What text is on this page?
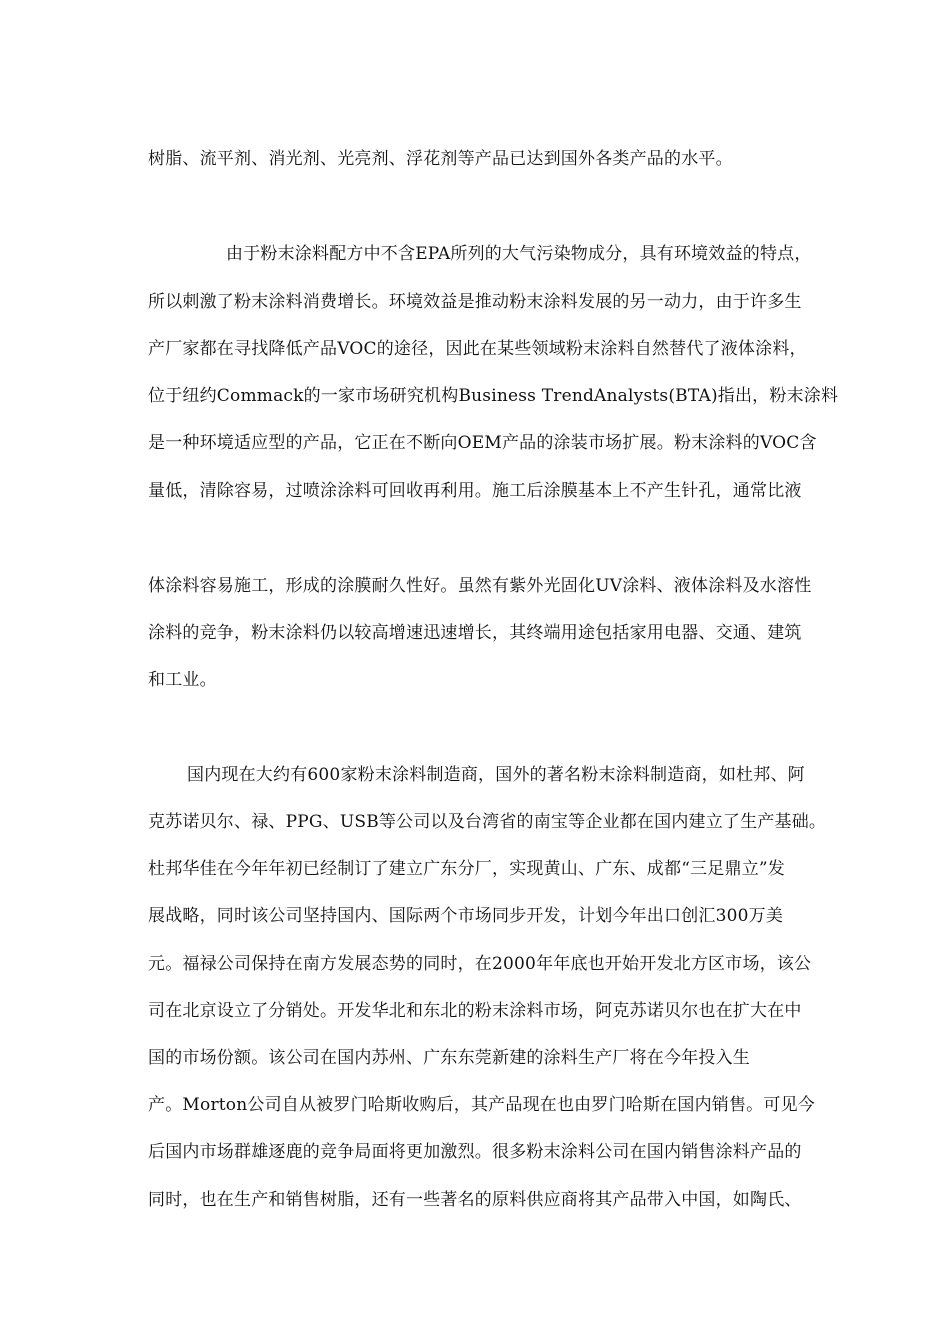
树脂、流平剂、消光剂、光亮剂、浮花剂等产品已达到国外各类产品的水平。
由于粉末涂料配方中不含EPA所列的大气污染物成分，具有环境效益的特点，
所以刺激了粉末涂料消费增长。环境效益是推动粉末涂料发展的另一动力，由于许多生
产厂家都在寻找降低产品VOC的途径，因此在某些领域粉末涂料自然替代了液体涂料，
位于纽约Commack的一家市场研究机构Business TrendAnalysts(BTA)指出，粉末涂料
是一种环境适应型的产品，它正在不断向OEM产品的涂装市场扩展。粉末涂料的VOC含
量低，清除容易，过喷涂涂料可回收再利用。施工后涂膜基本上不产生针孔，通常比液
体涂料容易施工，形成的涂膜耐久性好。虽然有紫外光固化UV涂料、液体涂料及水溶性
涂料的竞争，粉末涂料仍以较高增速迅速增长，其终端用途包括家用电器、交通、建筑
和工业。
国内现在大约有600家粉末涂料制造商，国外的著名粉末涂料制造商，如杜邦、阿
克苏诺贝尔、禄、PPG、USB等公司以及台湾省的南宝等企业都在国内建立了生产基础。
杜邦华佳在今年年初已经制订了建立广东分厂，实现黄山、广东、成都“三足鼎立”发
展战略，同时该公司坚持国内、国际两个市场同步开发，计划今年出口创汇300万美
元。福禄公司保持在南方发展态势的同时，在2000年年底也开始开发北方区市场，该公
司在北京设立了分销处。开发华北和东北的粉末涂料市场，阿克苏诺贝尔也在扩大在中
国的市场份额。该公司在国内苏州、广东东莞新建的涂料生产厂将在今年投入生
产。Morton公司自从被罗门哈斯收购后，其产品现在也由罗门哈斯在国内销售。可见今
后国内市场群雄逐鹿的竞争局面将更加激烈。很多粉末涂料公司在国内销售涂料产品的
同时，也在生产和销售树脂，还有一些著名的原料供应商将其产品带入中国，如陶氏、
